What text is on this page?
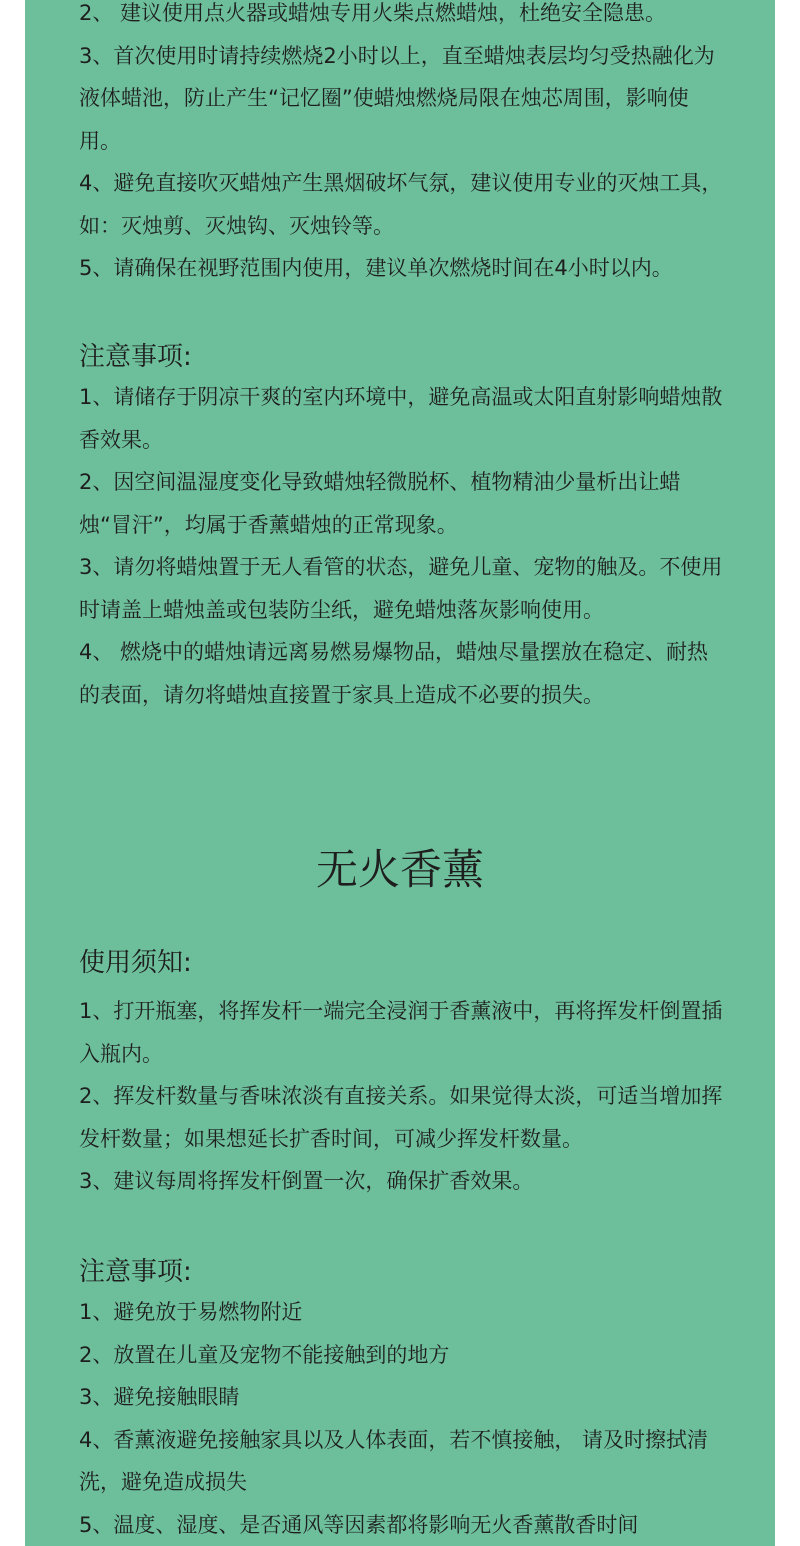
2、 建议使用点火器或蜡烛专用火柴点燃蜡烛，杜绝安全隐患。

3、首次使用时请持续燃烧2小时以上，直至蜡烛表层均匀受热融化为液体蜡池，防止产生“记忆圈”使蜡烛燃烧局限在烛芯周围，影响使用。

4、避免直接吹灭蜡烛产生黑烟破坏气氛，建议使用专业的灭烛工具，如：灭烛剪、灭烛钩、灭烛铃等。

5、请确保在视野范围内使用，建议单次燃烧时间在4小时以内。

注意事项:

1、请储存于阴凉干爽的室内环境中，避免高温或太阳直射影响蜡烛散香效果。

2、因空间温湿度变化导致蜡烛轻微脱杯、植物精油少量析出让蜡烛“冒汗”，均属于香薰蜡烛的正常现象。

3、请勿将蜡烛置于无人看管的状态，避免儿童、宠物的触及。不使用时请盖上蜡烛盖或包装防尘纸，避免蜡烛落灰影响使用。

4、 燃烧中的蜡烛请远离易燃易爆物品，蜡烛尽量摆放在稳定、耐热的表面，请勿将蜡烛直接置于家具上造成不必要的损失。

无火香薰
使用须知:

1、打开瓶塞，将挥发杆一端完全浸润于香薰液中，再将挥发杆倒置插入瓶内。

2、挥发杆数量与香味浓淡有直接关系。如果觉得太淡，可适当增加挥发杆数量；如果想延长扩香时间，可减少挥发杆数量。

3、建议每周将挥发杆倒置一次，确保扩香效果。

注意事项:

1、避免放于易燃物附近

2、放置在儿童及宠物不能接触到的地方

3、避免接触眼睛

4、香薰液避免接触家具以及人体表面，若不慎接触， 请及时擦拭清洗，避免造成损失

5、温度、湿度、是否通风等因素都将影响无火香薰散香时间
